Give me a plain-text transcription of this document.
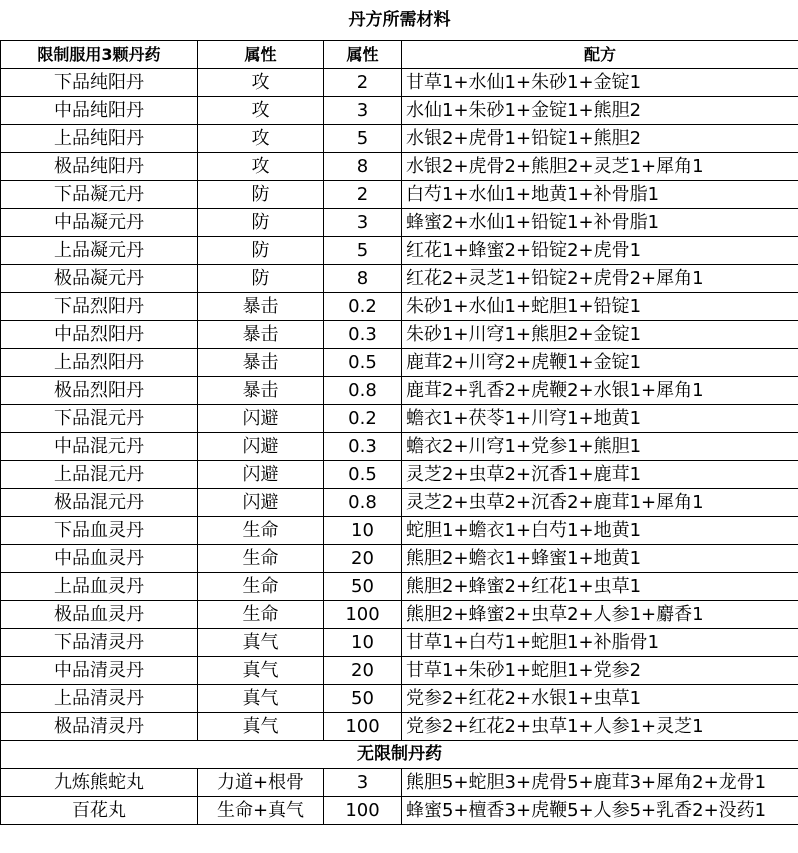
丹方所需材料			
限制服用3颗丹药	属性	属性	配方
下品纯阳丹	攻	2	甘草1+水仙1+朱砂1+金锭1
中品纯阳丹	攻	3	水仙1+朱砂1+金锭1+熊胆2
上品纯阳丹	攻	5	水银2+虎骨1+铅锭1+熊胆2
极品纯阳丹	攻	8	水银2+虎骨2+熊胆2+灵芝1+犀角1
下品凝元丹	防	2	白芍1+水仙1+地黄1+补骨脂1
中品凝元丹	防	3	蜂蜜2+水仙1+铅锭1+补骨脂1
上品凝元丹	防	5	红花1+蜂蜜2+铅锭2+虎骨1
极品凝元丹	防	8	红花2+灵芝1+铅锭2+虎骨2+犀角1
下品烈阳丹	暴击	0.2	朱砂1+水仙1+蛇胆1+铅锭1
中品烈阳丹	暴击	0.3	朱砂1+川穹1+熊胆2+金锭1
上品烈阳丹	暴击	0.5	鹿茸2+川穹2+虎鞭1+金锭1
极品烈阳丹	暴击	0.8	鹿茸2+乳香2+虎鞭2+水银1+犀角1
下品混元丹	闪避	0.2	蟾衣1+茯苓1+川穹1+地黄1
中品混元丹	闪避	0.3	蟾衣2+川穹1+党参1+熊胆1
上品混元丹	闪避	0.5	灵芝2+虫草2+沉香1+鹿茸1
极品混元丹	闪避	0.8	灵芝2+虫草2+沉香2+鹿茸1+犀角1
下品血灵丹	生命	10	蛇胆1+蟾衣1+白芍1+地黄1
中品血灵丹	生命	20	熊胆2+蟾衣1+蜂蜜1+地黄1
上品血灵丹	生命	50	熊胆2+蜂蜜2+红花1+虫草1
极品血灵丹	生命	100	熊胆2+蜂蜜2+虫草2+人参1+麝香1
下品清灵丹	真气	10	甘草1+白芍1+蛇胆1+补脂骨1
中品清灵丹	真气	20	甘草1+朱砂1+蛇胆1+党参2
上品清灵丹	真气	50	党参2+红花2+水银1+虫草1
极品清灵丹	真气	100	党参2+红花2+虫草1+人参1+灵芝1
无限制丹药			
九炼熊蛇丸	力道+根骨	3	熊胆5+蛇胆3+虎骨5+鹿茸3+犀角2+龙骨1
百花丸	生命+真气	100	蜂蜜5+檀香3+虎鞭5+人参5+乳香2+没药1
